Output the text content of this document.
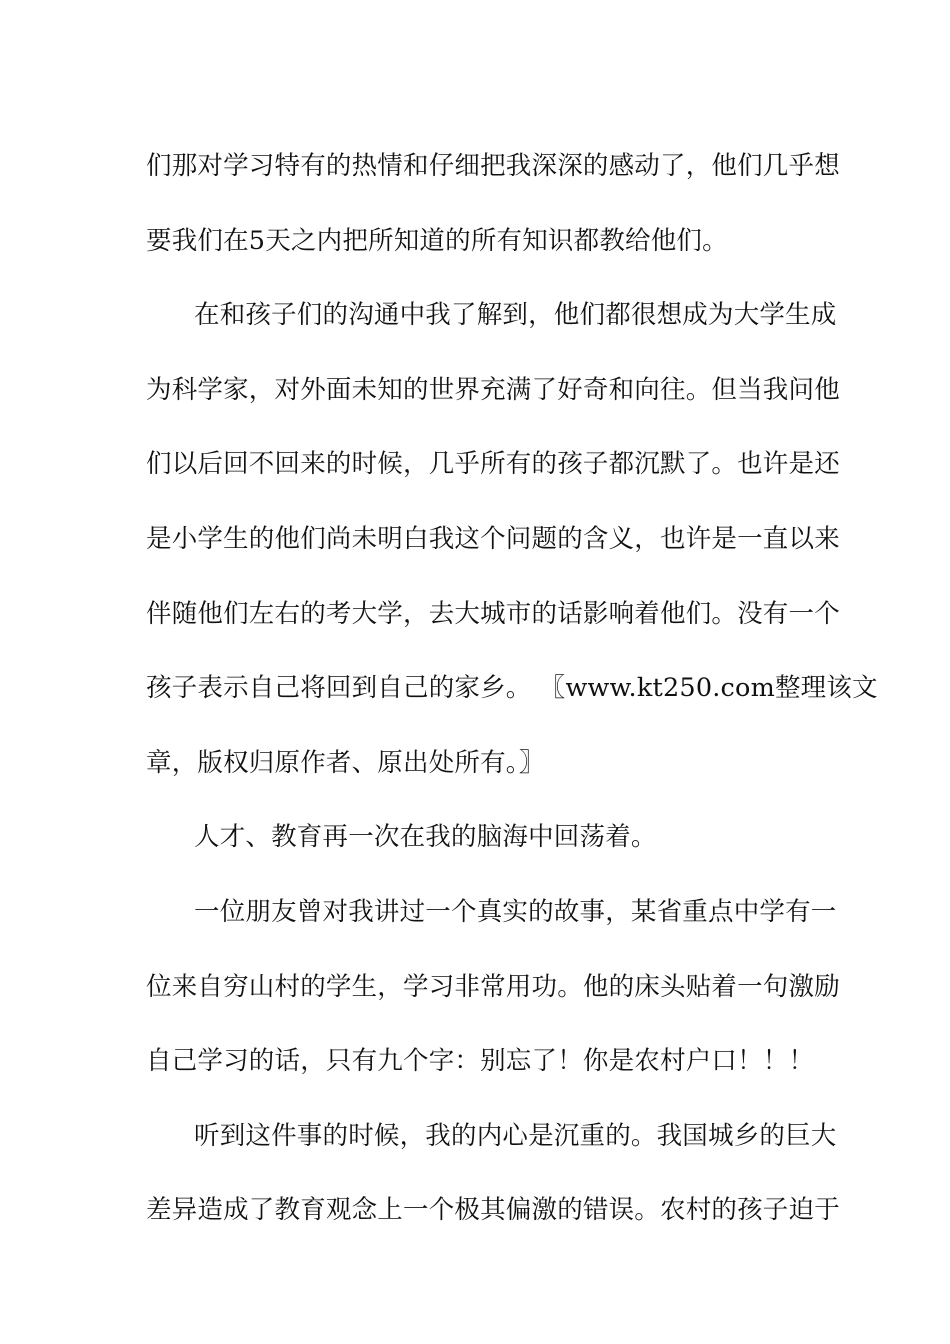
们那对学习特有的热情和仔细把我深深的感动了，他们几乎想
要我们在5天之内把所知道的所有知识都教给他们。
在和孩子们的沟通中我了解到，他们都很想成为大学生成
为科学家，对外面未知的世界充满了好奇和向往。但当我问他
们以后回不回来的时候，几乎所有的孩子都沉默了。也许是还
是小学生的他们尚未明白我这个问题的含义，也许是一直以来
伴随他们左右的考大学，去大城市的话影响着他们。没有一个
孩子表示自己将回到自己的家乡。 〖www.kt250.com整理该文
章，版权归原作者、原出处所有。〗
人才、教育再一次在我的脑海中回荡着。
一位朋友曾对我讲过一个真实的故事，某省重点中学有一
位来自穷山村的学生，学习非常用功。他的床头贴着一句激励
自己学习的话，只有九个字：别忘了！你是农村户口！！！
听到这件事的时候，我的内心是沉重的。我国城乡的巨大
差异造成了教育观念上一个极其偏激的错误。农村的孩子迫于
